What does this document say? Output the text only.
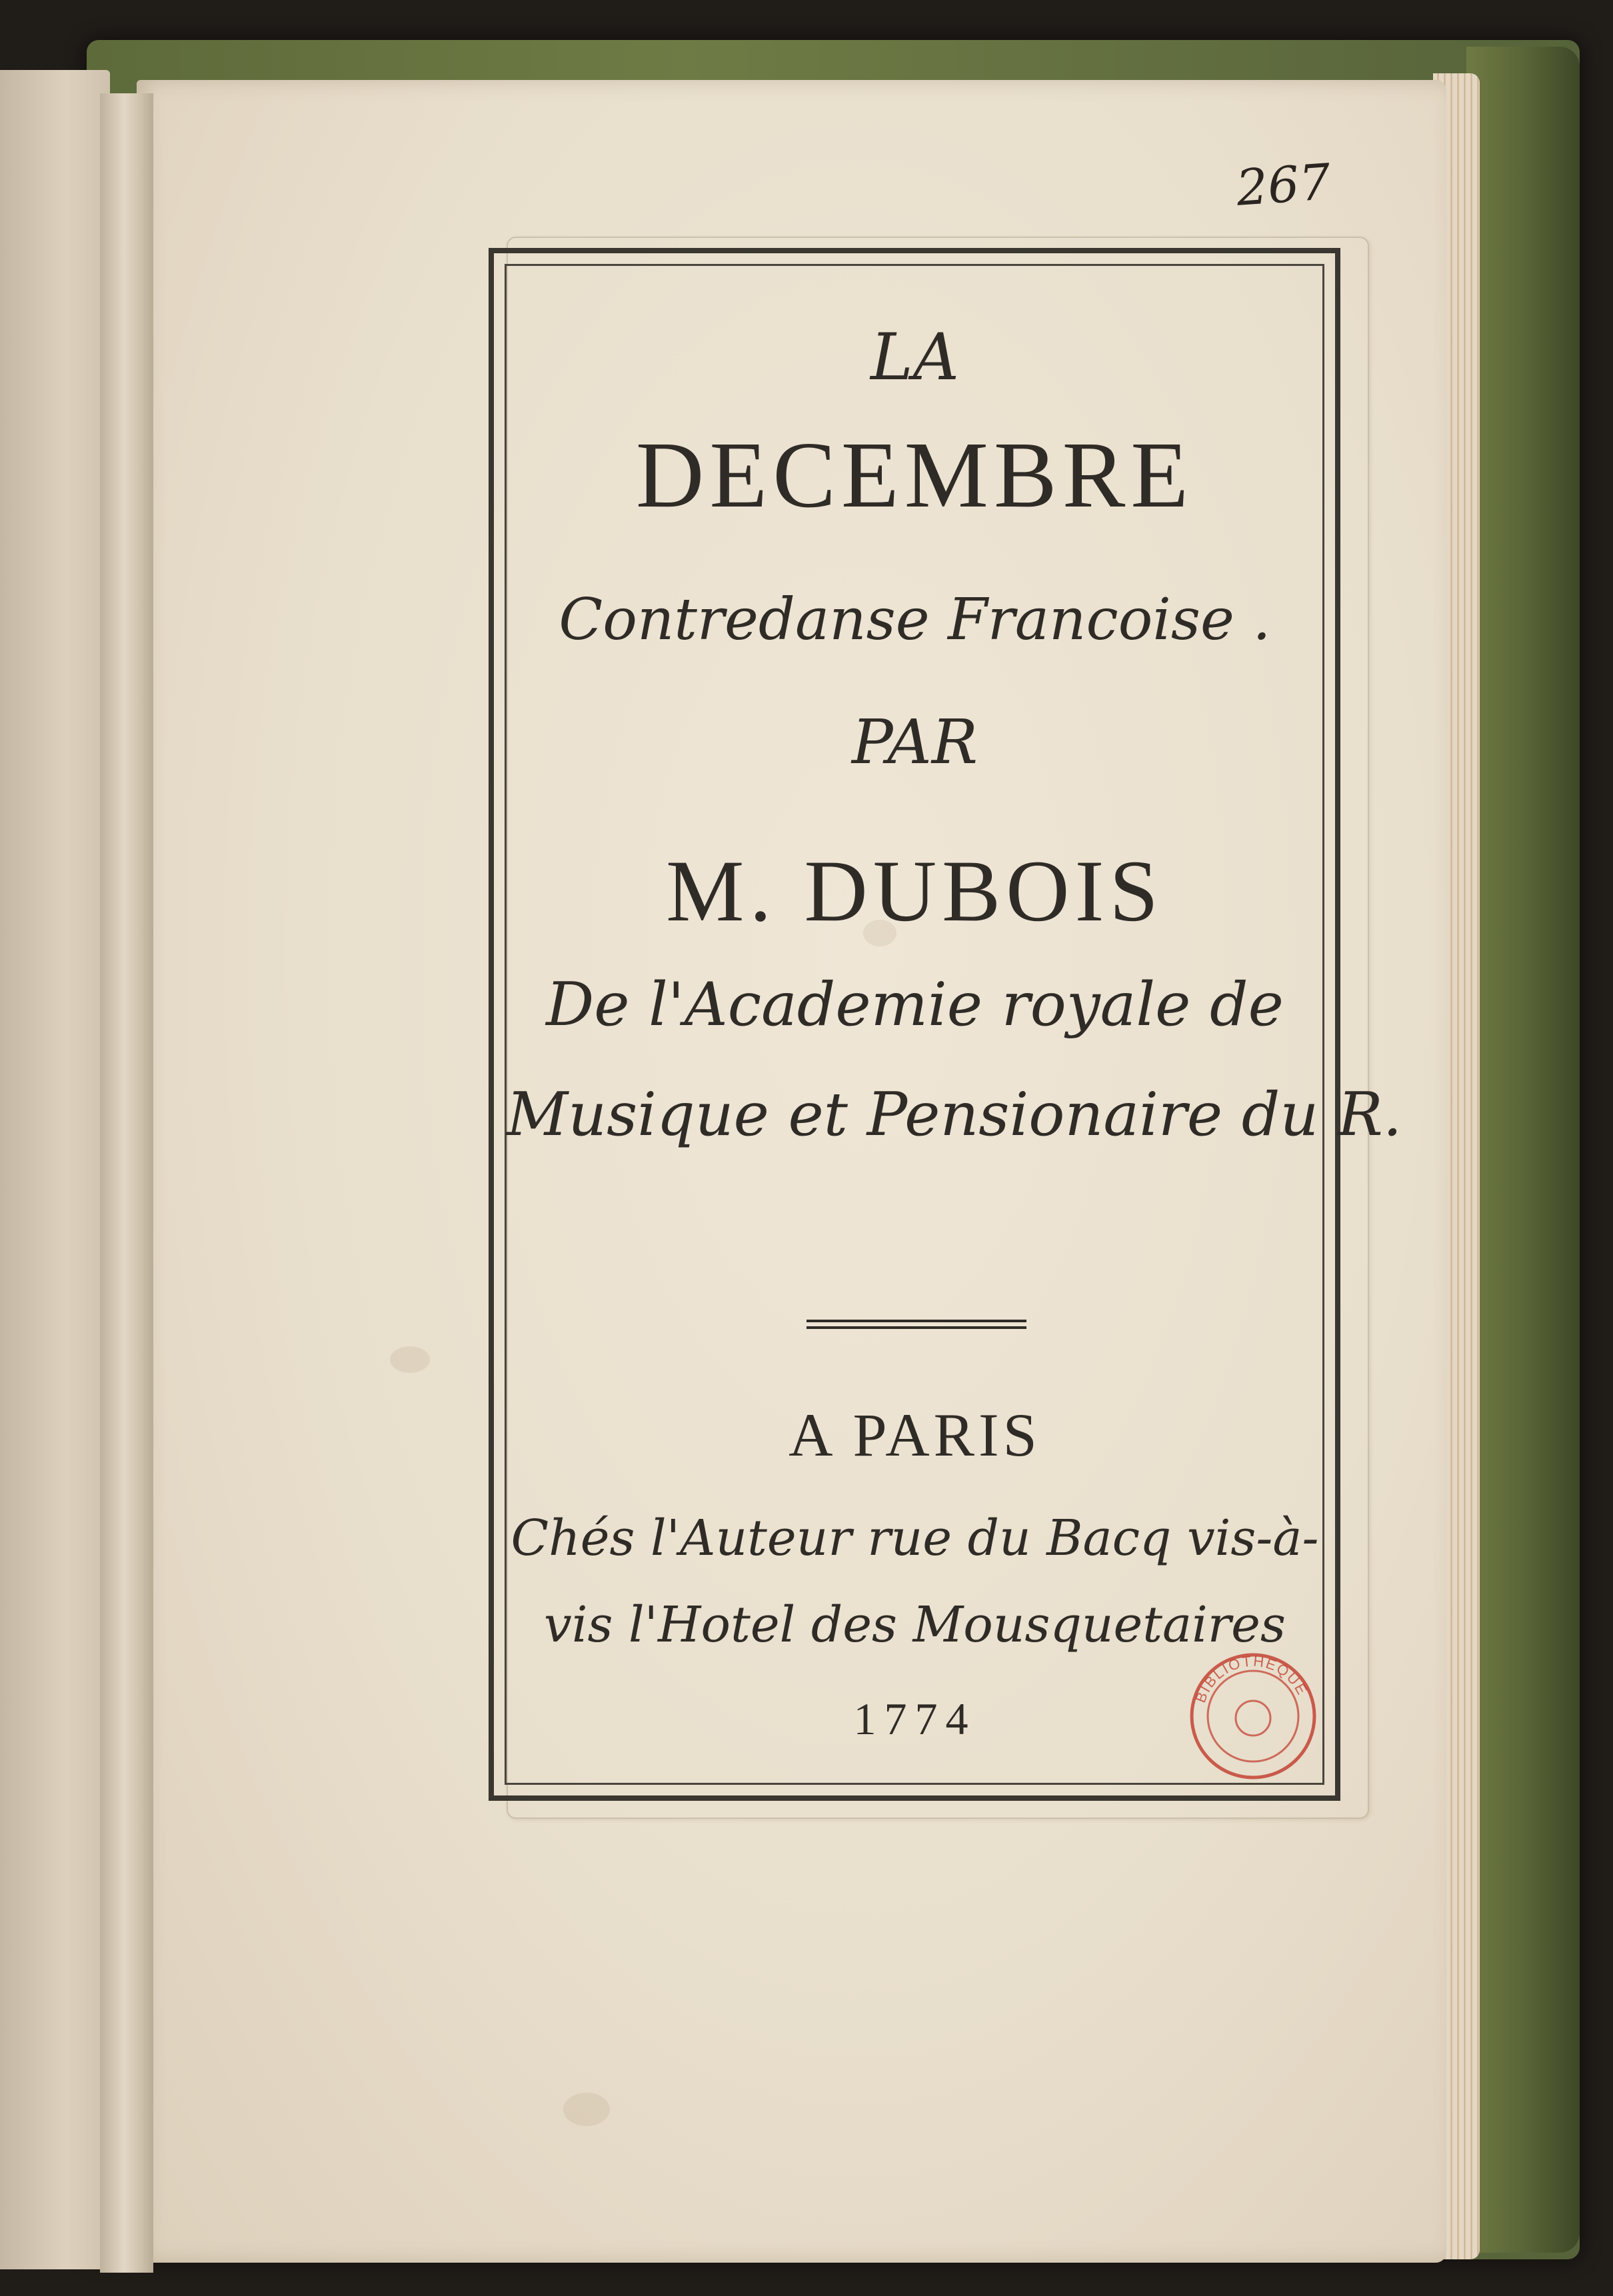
267
LA
DECEMBRE
Contredanse Francoise .
PAR
M. DUBOIS
De l'Academie royale de
Musique et Pensionaire du R.
A PARIS
Chés l'Auteur rue du Bacq vis-à-
vis l'Hotel des Mousquetaires
1774	BIBLIOTHEQUE
